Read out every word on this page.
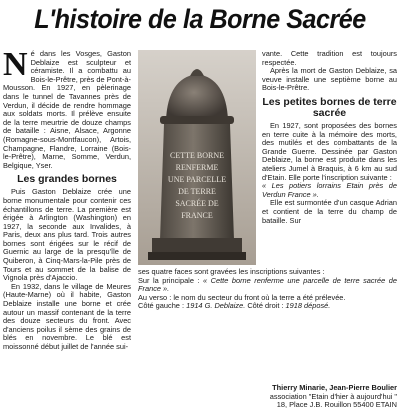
L'histoire de la Borne Sacrée
N é dans les Vosges, Gaston Deblaize est sculpteur et céramiste. Il a combattu au Bois-le-Prêtre, près de Pont-à-Mousson. En 1927, en pèlerinage dans le tunnel de Tavannes près de Verdun, il décide de rendre hommage aux soldats morts. Il prélève ensuite de la terre meurtrie de douze champs de bataille : Aisne, Alsace, Argonne (Romagne-sous-Montfaucon), Artois, Champagne, Flandre, Lorraine (Bois-le-Prêtre), Marne, Somme, Verdun, Belgique, Yser.

Les grandes bornes

Puis Gaston Deblaize crée une borne monumentale pour contenir ces échantillons de terre. La première est érigée à Arlington (Washington) en 1927, la seconde aux Invalides, à Paris, deux ans plus tard. Trois autres bornes sont érigées sur le récif de Guernic au large de la presqu'île de Quiberon, à Cinq-Mars-la-Pile près de Tours et au sommet de la balise de Vignola près d'Ajaccio.

En 1932, dans le village de Meures (Haute-Marne) où il habite, Gaston Deblaize installe une borne et crée autour un massif contenant de la terre des douze secteurs du front. Avec d'anciens poilus il sème des grains de blés en novembre. Le blé est moissonné début juillet de l'année sui-

CETTE BORNE
RENFERME
UNE PARCELLE
DE TERRE
SACRÉE DE
FRANCE

vante. Cette tradition est toujours respectée.

Après la mort de Gaston Deblaize, sa veuve installe une septième borne au Bois-le-Prêtre.

Les petites bornes de terre sacrée

En 1927, sont proposées des bornes en terre cuite à la mémoire des morts, des mutilés et des combattants de la Grande Guerre. Dessinée par Gaston Deblaize, la borne est produite dans les ateliers Jumel à Braquis, à 6 km au sud d'Etain. Elle porte l'inscription suivante :

« Les potiers lorrains Etain près de Verdun France ».

Elle est surmontée d'un casque Adrian et contient de la terre du champ de bataille. Sur

ses quatre faces sont gravées les inscriptions suivantes :

Sur la principale : « Cette borne renferme une parcelle de terre sacrée de France ».

Au verso : le nom du secteur du front où la terre a été prélevée.

Côté gauche : 1914 G. Deblaize. Côté droit : 1918 déposé.

Thierry Minarie, Jean-Pierre Boulier
association "Etain d'hier à aujourd'hui "
18, Place J.B. Rouillon 55400 ETAIN
